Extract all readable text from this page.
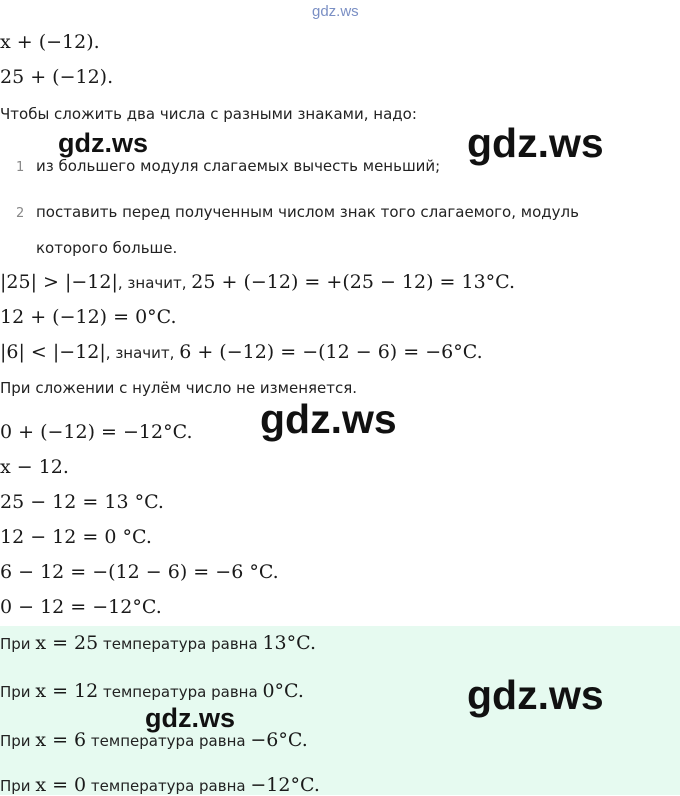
gdz.ws
x + (−12).
25 + (−12).
Чтобы сложить два числа с разными знаками, надо:
gdz.ws	gdz.ws
1 из большего модуля слагаемых вычесть меньший;
2 поставить перед полученным числом знак того слагаемого, модуль
которого больше.
|25| > |−12|, значит, 25 + (−12) = +(25 − 12) = 13°C.
12 + (−12) = 0°C.
|6| < |−12|, значит, 6 + (−12) = −(12 − 6) = −6°C.
При сложении с нулём число не изменяется.
gdz.ws
0 + (−12) = −12°C.
x − 12.
25 − 12 = 13 °C.
12 − 12 = 0 °C.
6 − 12 = −(12 − 6) = −6 °C.
0 − 12 = −12°C.
При x = 25 температура равна 13°C.
gdz.ws
При x = 12 температура равна 0°C.
gdz.ws
При x = 6 температура равна −6°C.
При x = 0 температура равна −12°C.
